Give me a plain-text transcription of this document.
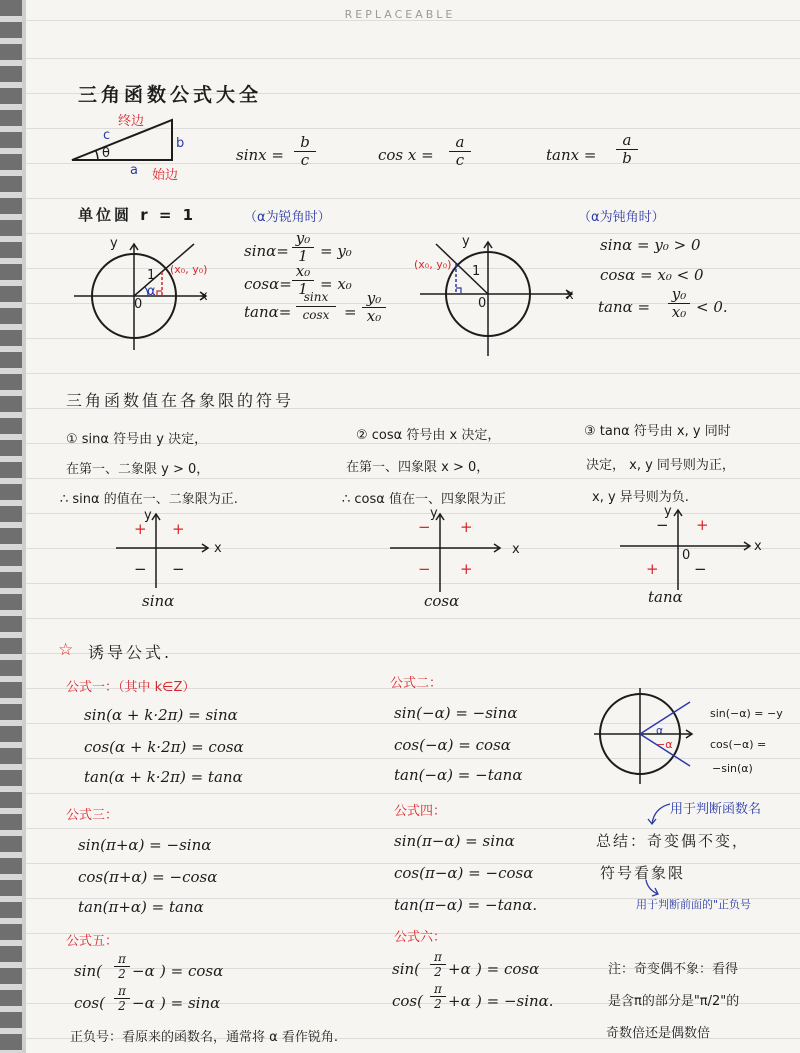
REPLACEABLE
三角函数公式大全
c
b
a
θ
终边
始边
$\sin x = \frac{b}{c}$	$\cos x = \frac{a}{c}$	$\tan x = \frac{a}{b}$
单位圆 r = 1	（α为锐角时）	（α为钝角时）
y
x
0
1
α
(x₀, y₀)
$\sin\alpha= \frac{\text{y₀}}{1} = y_0$
$\cos\alpha= \frac{\text{x₀}}{1} = x_0$
$\tan\alpha= \frac{\sin x}{\cos x} = \frac{\text{y₀}}{\text{x₀}}$
y
x
0
1
(x₀, y₀)
sinα = y₀ > 0
cosα = x₀ < 0
$\tan\alpha = \frac{\text{y₀}}{\text{x₀}} < 0$.
三角函数值在各象限的符号
① sinα 符号由 y 决定，
在第一、二象限 y > 0，
∴ sinα 的值在一、二象限为正.
② cosα 符号由 x 决定，
在第一、四象限 x > 0，
∴ cosα 值在一、四象限为正
③ tanα 符号由 x, y 同时
决定， x, y 同号则为正，
x, y 异号则为负.
y
x
+ +
− −
sinα
y
x
− +
− +
cosα
y
x
0
− +
+ −
tanα
☆ 诱导公式.
公式一：（其中 k∈Z）
sin(α + k·2π) = sinα
cos(α + k·2π) = cosα
tan(α + k·2π) = tanα
公式二：
sin(−α) = −sinα
cos(−α) = cosα
tan(−α) = −tanα
α
−α
sin(−α) = −y
cos(−α) =
−sin(α)
公式三：
sin(π+α) = −sinα
cos(π+α) = −cosα
tan(π+α) = tanα
公式四：
sin(π−α) = sinα
cos(π−α) = −cosα
tan(π−α) = −tanα.
用于判断函数名
总结：奇变偶不变，
符号看象限
用于判断前面的"正负号
公式五：
$\sin( \frac{\pi}{2} -\alpha$ ) = cosα
$\cos( \frac{\pi}{2} -\alpha$ ) = sinα
公式六：
$\sin( \frac{\pi}{2} +\alpha$ ) = cosα
$\cos( \frac{\pi}{2} +\alpha$ ) = −sinα.
注：奇变偶不象：看得
是含π的部分是"π/2"的
奇数倍还是偶数倍
正负号：看原来的函数名，通常将 α 看作锐角.
